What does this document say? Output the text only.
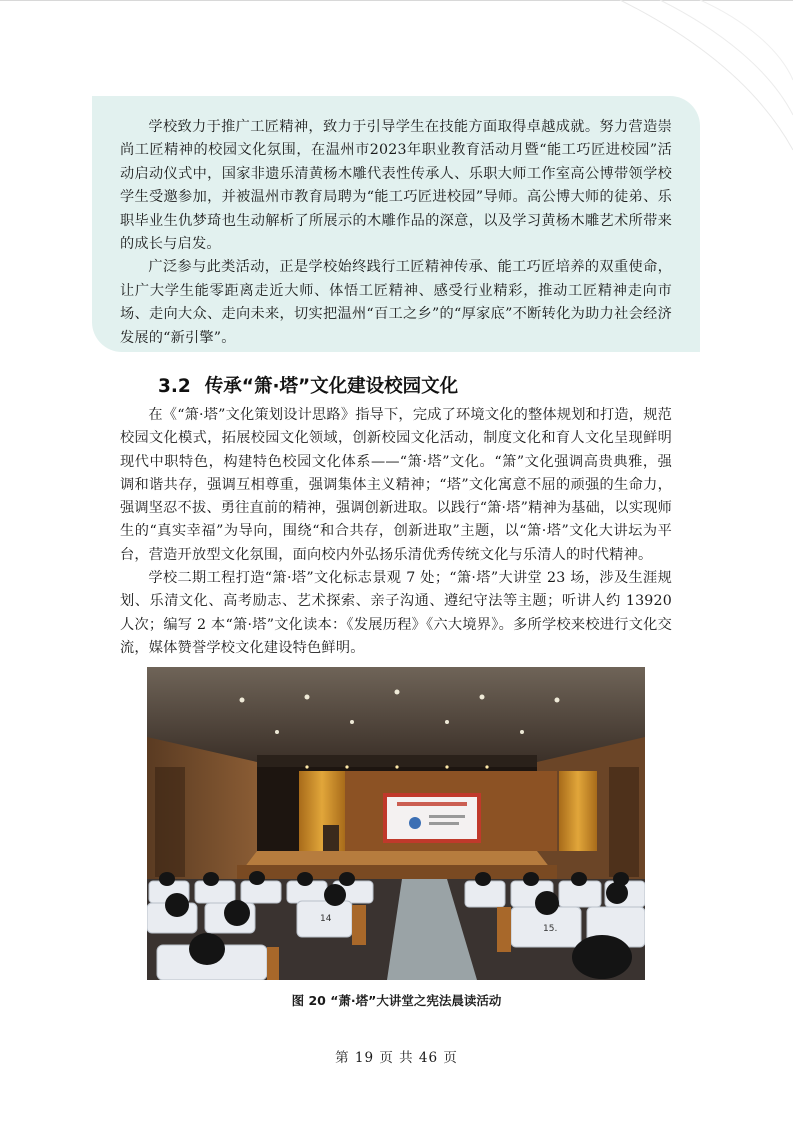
学校致力于推广工匠精神，致力于引导学生在技能方面取得卓越成就。努力营造崇尚工匠精神的校园文化氛围，在温州市2023年职业教育活动月暨“能工巧匠进校园”活动启动仪式中，国家非遗乐清黄杨木雕代表性传承人、乐职大师工作室高公博带领学校学生受邀参加，并被温州市教育局聘为“能工巧匠进校园”导师。高公博大师的徒弟、乐职毕业生仇梦琦也生动解析了所展示的木雕作品的深意，以及学习黄杨木雕艺术所带来的成长与启发。

广泛参与此类活动，正是学校始终践行工匠精神传承、能工巧匠培养的双重使命，让广大学生能零距离走近大师、体悟工匠精神、感受行业精彩，推动工匠精神走向市场、走向大众、走向未来，切实把温州“百工之乡”的“厚家底”不断转化为助力社会经济发展的“新引擎”。

3.2 传承“箫·塔”文化建设校园文化

在《“箫·塔”文化策划设计思路》指导下，完成了环境文化的整体规划和打造，规范校园文化模式，拓展校园文化领域，创新校园文化活动，制度文化和育人文化呈现鲜明现代中职特色，构建特色校园文化体系——“箫·塔”文化。“箫”文化强调高贵典雅，强调和谐共存，强调互相尊重，强调集体主义精神；“塔”文化寓意不屈的顽强的生命力，强调坚忍不拔、勇往直前的精神，强调创新进取。以践行“箫·塔”精神为基础，以实现师生的“真实幸福”为导向，围绕“和合共存，创新进取”主题，以“箫·塔”文化大讲坛为平台，营造开放型文化氛围，面向校内外弘扬乐清优秀传统文化与乐清人的时代精神。

学校二期工程打造“箫·塔”文化标志景观 7 处；“箫·塔”大讲堂 23 场，涉及生涯规划、乐清文化、高考励志、艺术探索、亲子沟通、遵纪守法等主题；听讲人约 13920 人次；编写 2 本“箫·塔”文化读本：《发展历程》《六大境界》。多所学校来校进行文化交流，媒体赞誉学校文化建设特色鲜明。

14
15.
图 20 “萧·塔”大讲堂之宪法晨读活动
第 19 页 共 46 页
